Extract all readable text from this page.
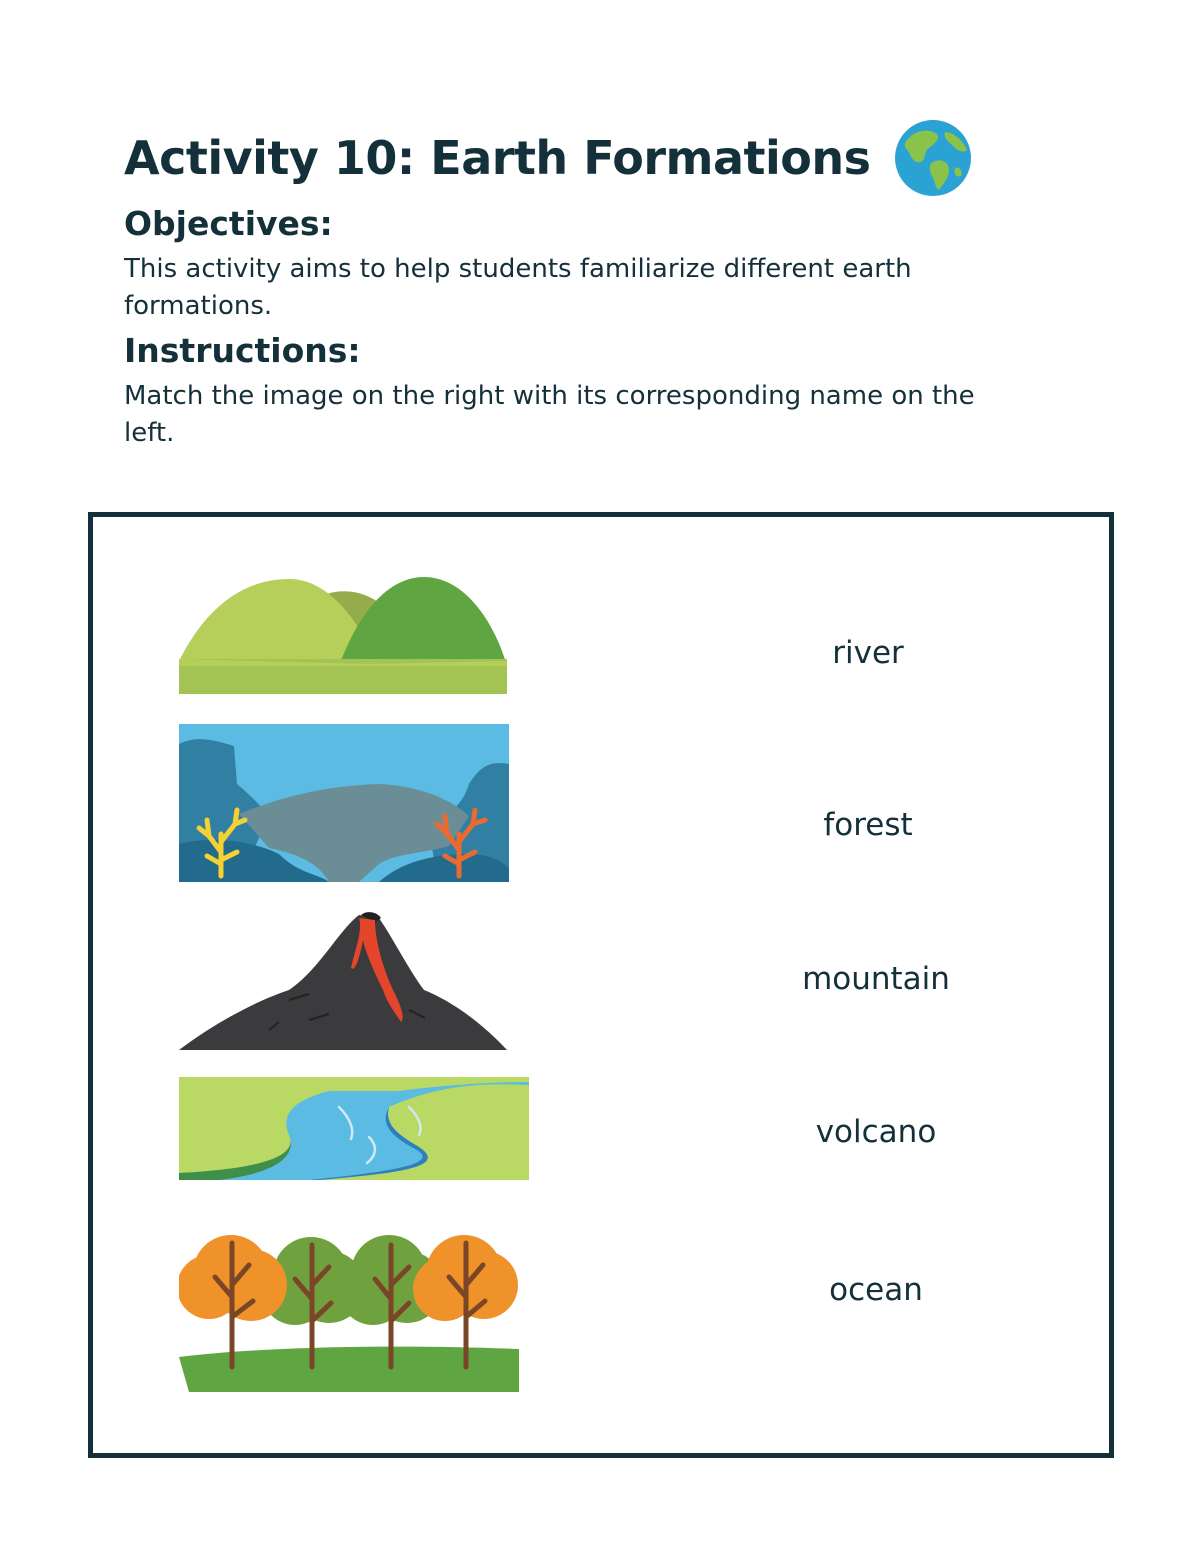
Activity 10: Earth Formations
Objectives:

This activity aims to help students familiarize different earth formations.

Instructions:

Match the image on the right with its corresponding name on the left.

river
forest
mountain
volcano
ocean
